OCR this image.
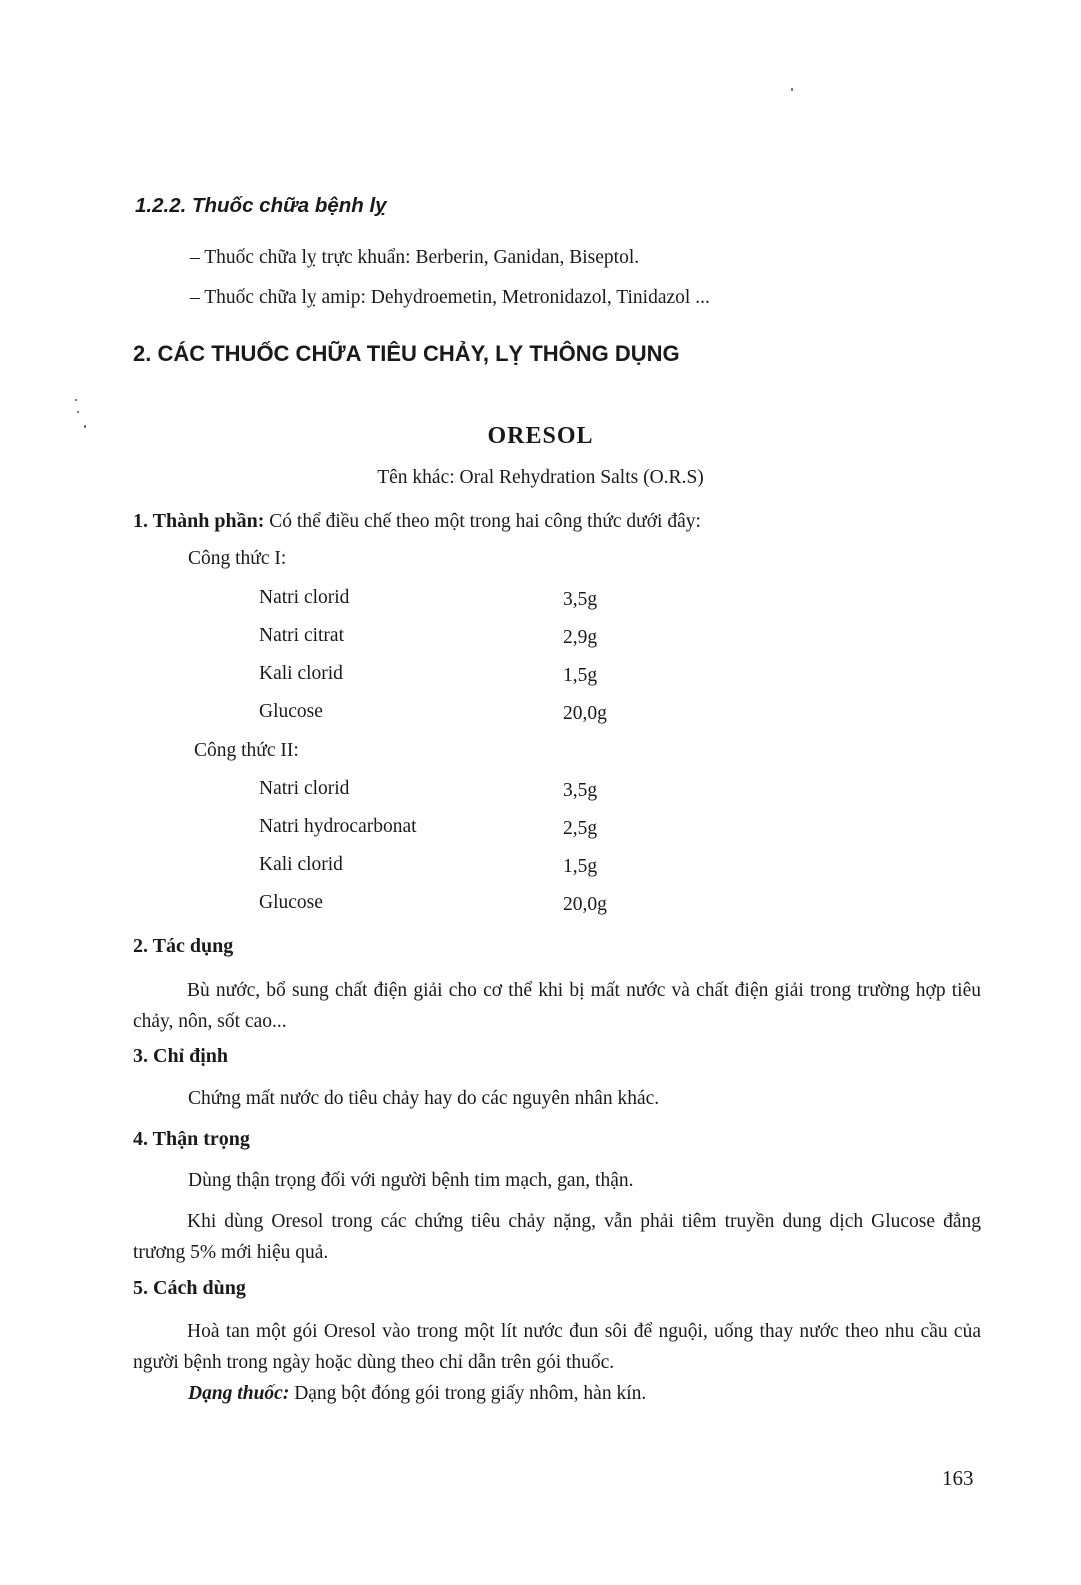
1.2.2. Thuốc chữa bệnh lỵ
– Thuốc chữa lỵ trực khuẩn: Berberin, Ganidan, Biseptol.
– Thuốc chữa lỵ amip: Dehydroemetin, Metronidazol, Tinidazol ...
2. CÁC THUỐC CHỮA TIÊU CHẢY, LỴ THÔNG DỤNG
ORESOL
Tên khác: Oral Rehydration Salts (O.R.S)
1. Thành phần: Có thể điều chế theo một trong hai công thức dưới đây:
Công thức I:
Natri clorid	3,5g
Natri citrat	2,9g
Kali clorid	1,5g
Glucose	20,0g
Công thức II:
Natri clorid	3,5g
Natri hydrocarbonat	2,5g
Kali clorid	1,5g
Glucose	20,0g
2. Tác dụng
Bù nước, bổ sung chất điện giải cho cơ thể khi bị mất nước và chất điện giải trong trường hợp tiêu chảy, nôn, sốt cao...
3. Chỉ định
Chứng mất nước do tiêu chảy hay do các nguyên nhân khác.
4. Thận trọng
Dùng thận trọng đối với người bệnh tim mạch, gan, thận.
Khi dùng Oresol trong các chứng tiêu chảy nặng, vẫn phải tiêm truyền dung dịch Glucose đẳng trương 5% mới hiệu quả.
5. Cách dùng
Hoà tan một gói Oresol vào trong một lít nước đun sôi để nguội, uống thay nước theo nhu cầu của người bệnh trong ngày hoặc dùng theo chỉ dẫn trên gói thuốc.
Dạng thuốc: Dạng bột đóng gói trong giấy nhôm, hàn kín.
163
